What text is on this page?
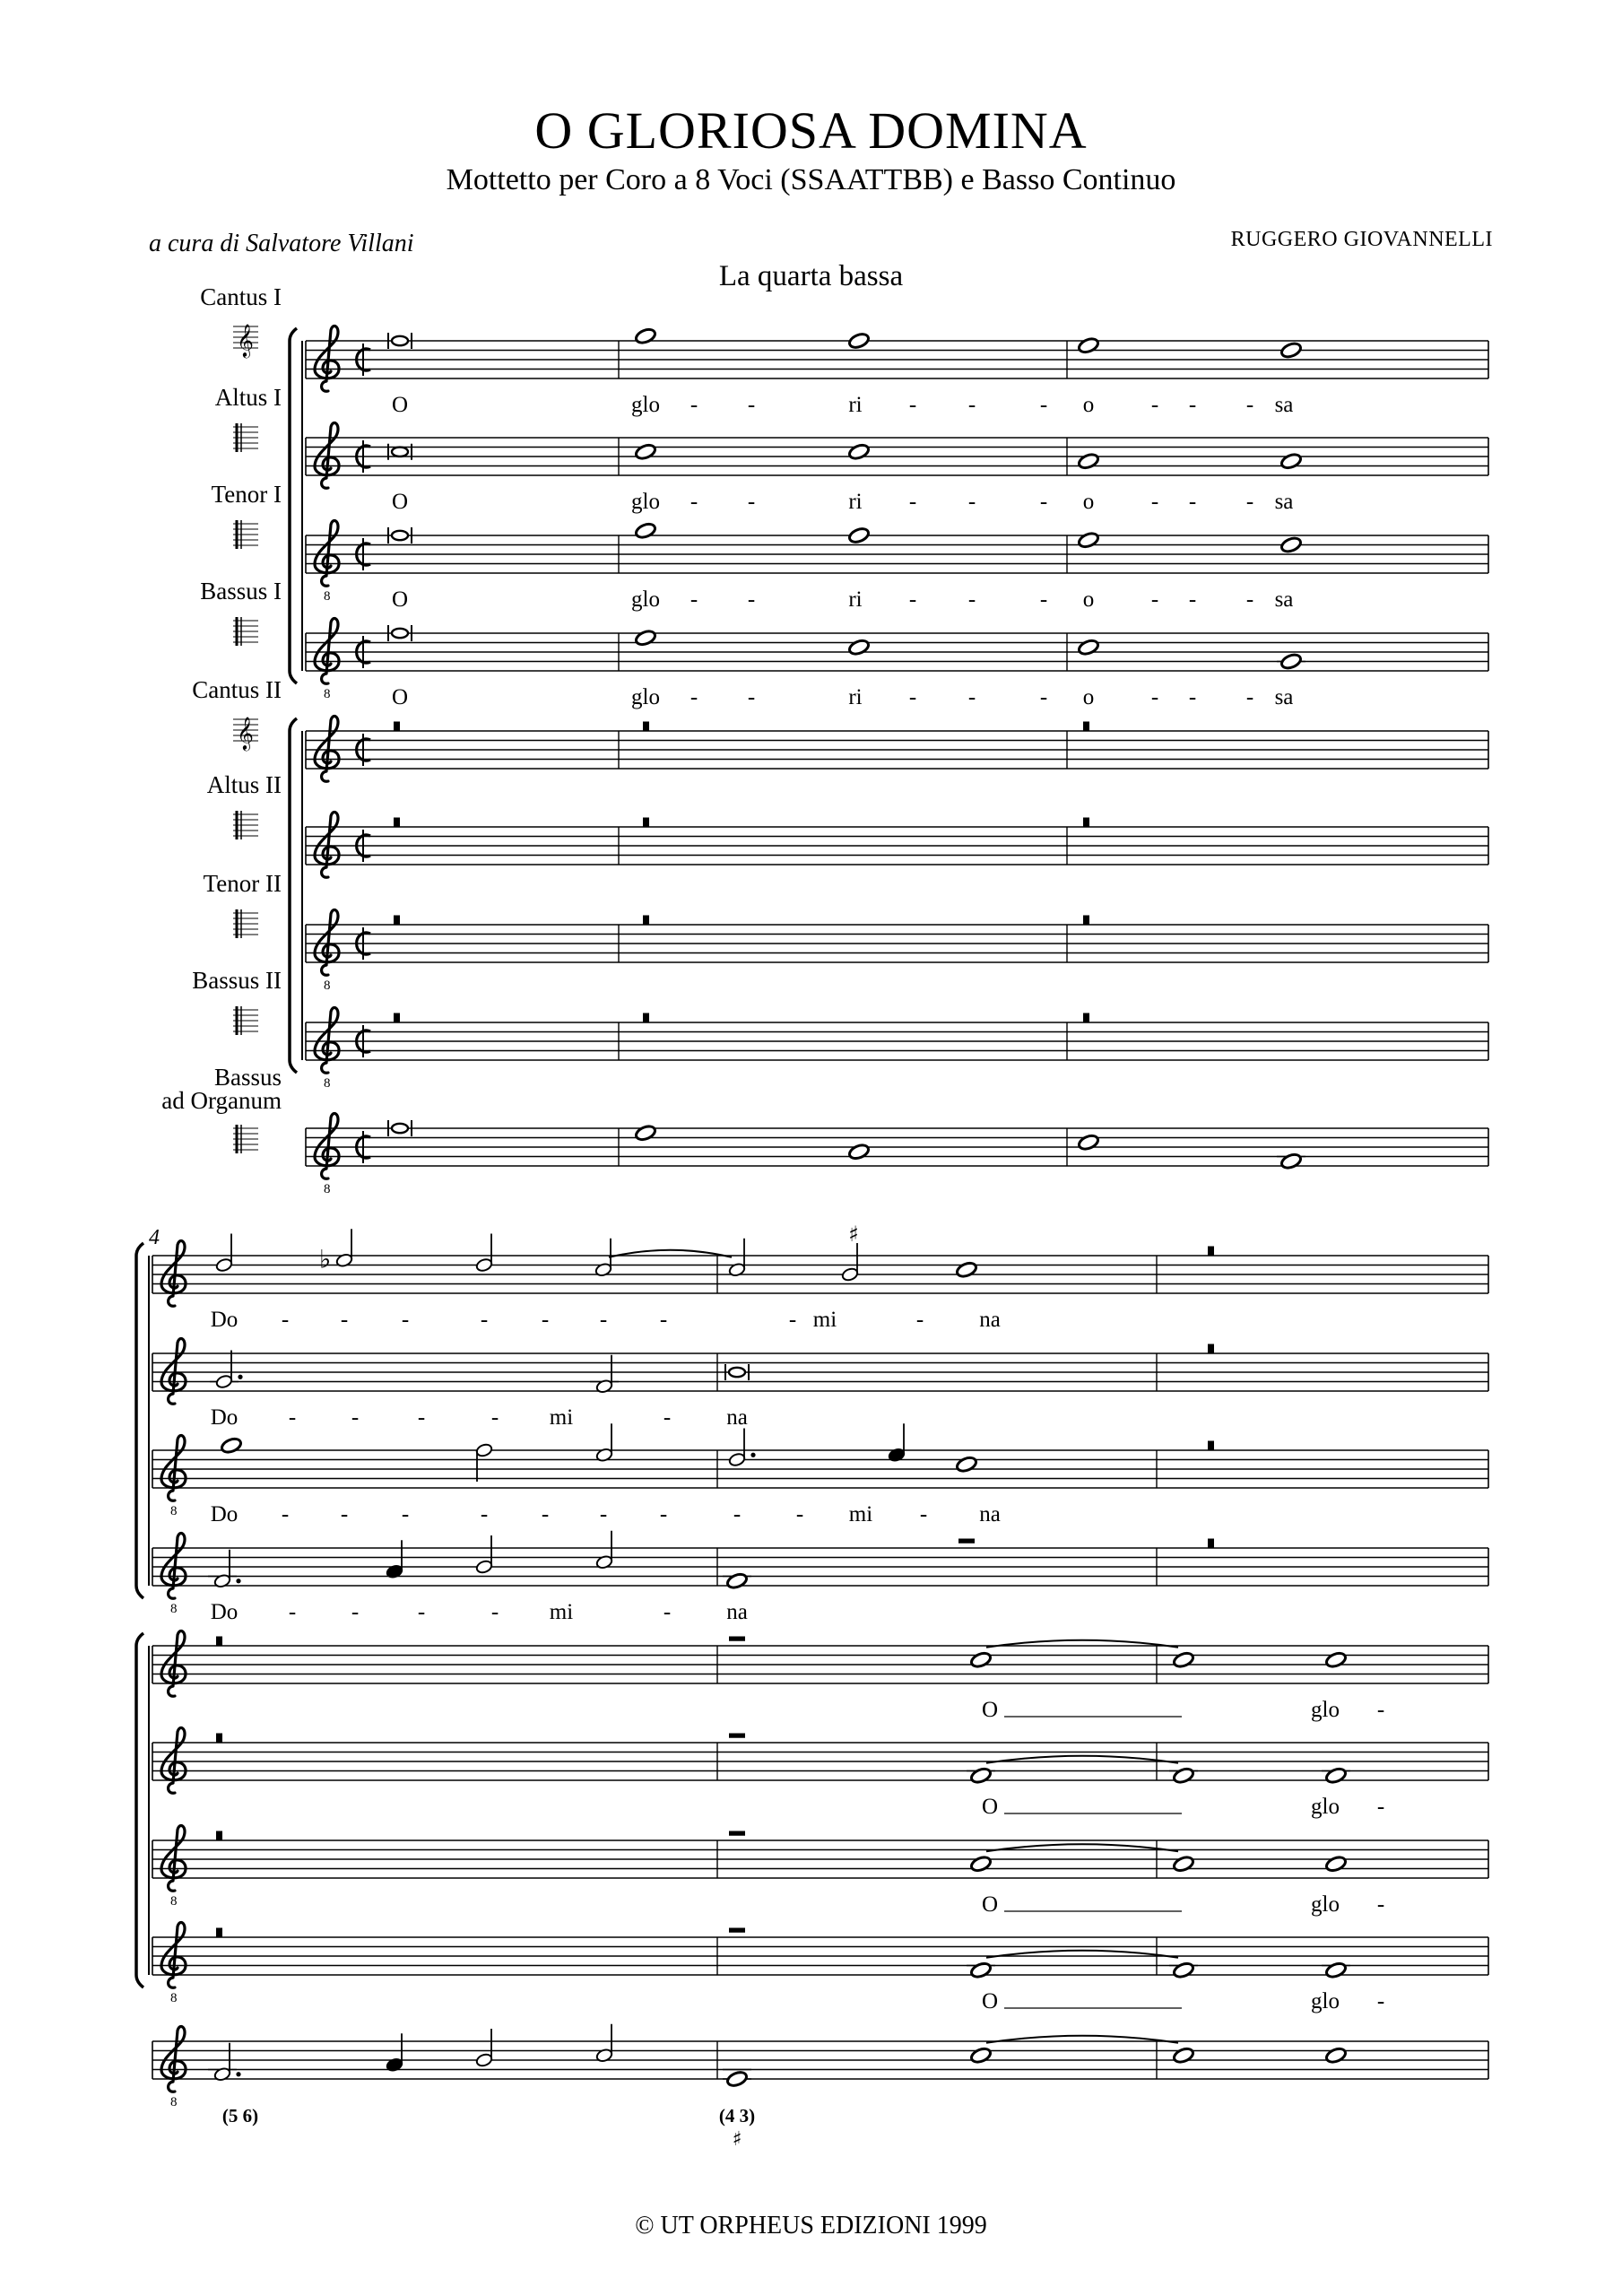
O GLORIOSA DOMINA
Mottetto per Coro a 8 Voci (SSAATTBB) e Basso Continuo
a cura di Salvatore Villani	RUGGERO GIOVANNELLI
La quarta bassa
8
8
8
8
8
O	glo - -	ri - -	- o	- - - sa
O	glo - -	ri - -	- o	- - - sa
O	glo - -	ri - -	- o	- - - sa
O	glo - -	ri - -	- o	- - - sa
Cantus I
𝄞
Altus I
Tenor I
Bassus I
Cantus II
𝄞
Altus II
Tenor II
Bassus II
Bassus
ad Organum
8
8
8
8
8
♭
Do - - -	- - - -	- mi	- na
Do - -	-	- mi	- na
Do - - -	- - - -	- - mi - na
Do - -	-	- mi	- na
O	glo -
O	glo -
O	glo -
O	glo -
4	♯
(5 6)	(4 3)
♯
© UT ORPHEUS EDIZIONI 1999
